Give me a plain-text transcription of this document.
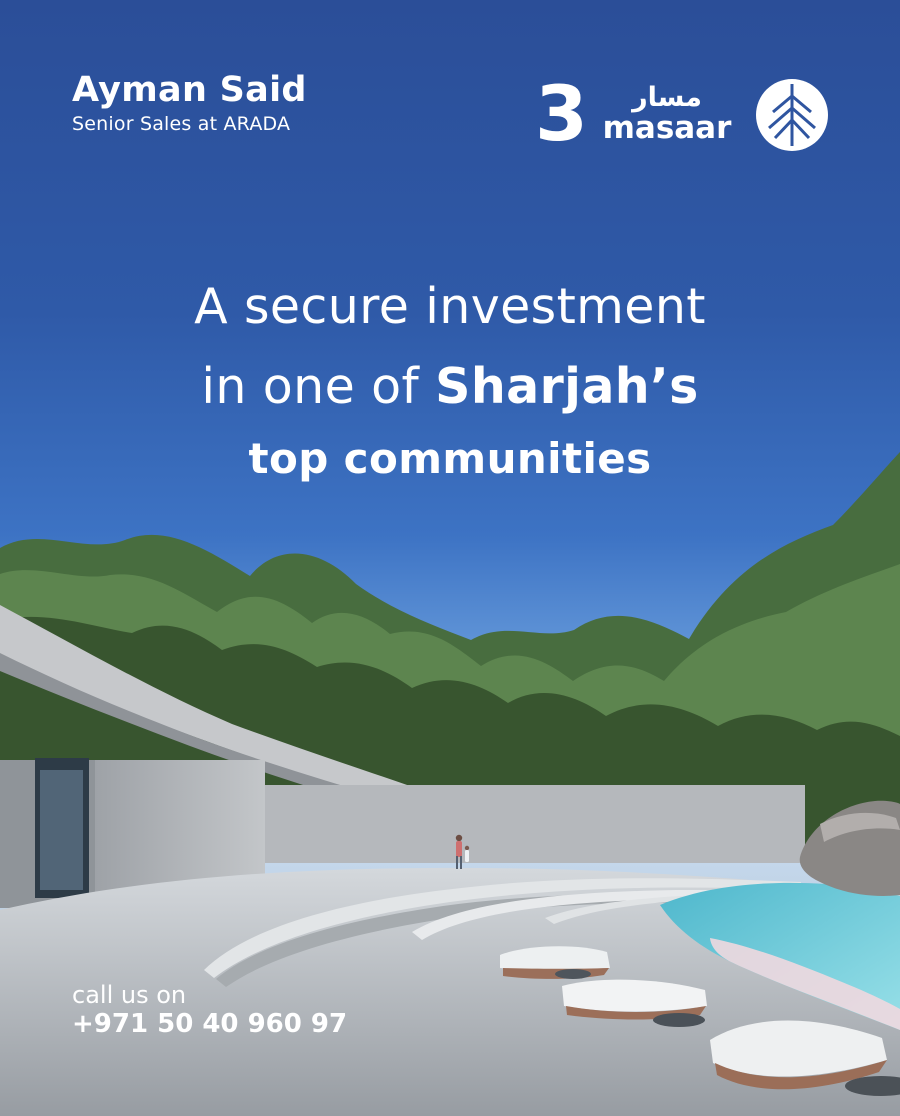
Ayman Said
Senior Sales at ARADA	3	مسار
masaar
A secure investment
in one of Sharjah’s
top communities
call us on
+971 50 40 960 97
